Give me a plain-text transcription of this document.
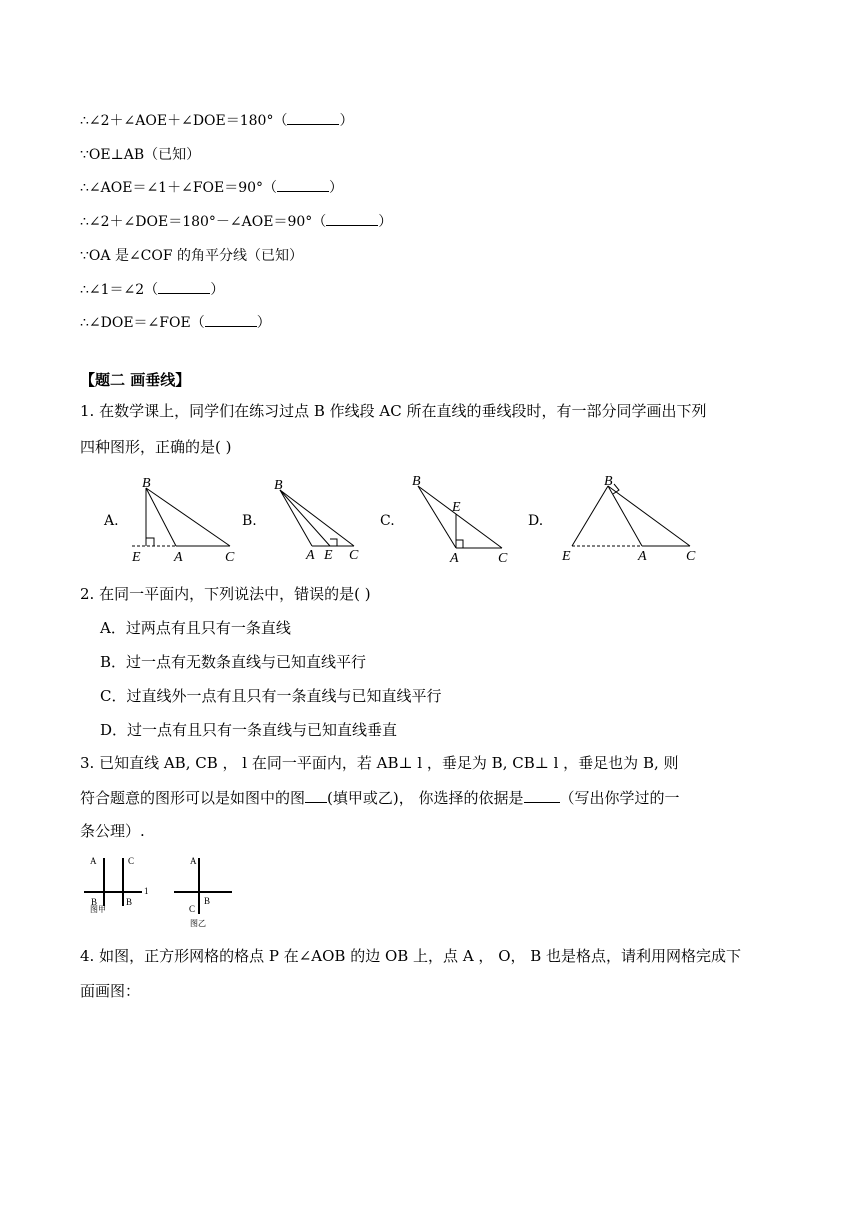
∴∠2＋∠AOE＋∠DOE＝180°（	）
∵OE⊥AB（已知）
∴∠AOE＝∠1＋∠FOE＝90°（	）
∴∠2＋∠DOE＝180°－∠AOE＝90°（	）
∵OA 是∠COF 的角平分线（已知）
∴∠1＝∠2（	）
∴∠DOE＝∠FOE（	）
【题二 画垂线】
1. 在数学课上，同学们在练习过点 B 作线段 AC 所在直线的垂线段时，有一部分同学画出下列
四种图形，正确的是( )
A.	B.	C.	D.
B
E A	C
B
A E C
B
E
A	C
B
E	A	C
2. 在同一平面内，下列说法中，错误的是( )
A．过两点有且只有一条直线
B．过一点有无数条直线与已知直线平行
C．过直线外一点有且只有一条直线与已知直线平行
D．过一点有且只有一条直线与已知直线垂直
3. 已知直线 AB, CB ， l 在同一平面内，若 AB⊥ l ，垂足为 B, CB⊥ l ，垂足也为 B, 则
符合题意的图形可以是如图中的图 (填甲或乙)， 你选择的依据是 （写出你学过的一
条公理）.
A	C
1
B	B
图甲
A
B
C
图乙
4. 如图，正方形网格的格点 P 在∠AOB 的边 OB 上，点 A ， O， B 也是格点，请利用网格完成下
面画图：
